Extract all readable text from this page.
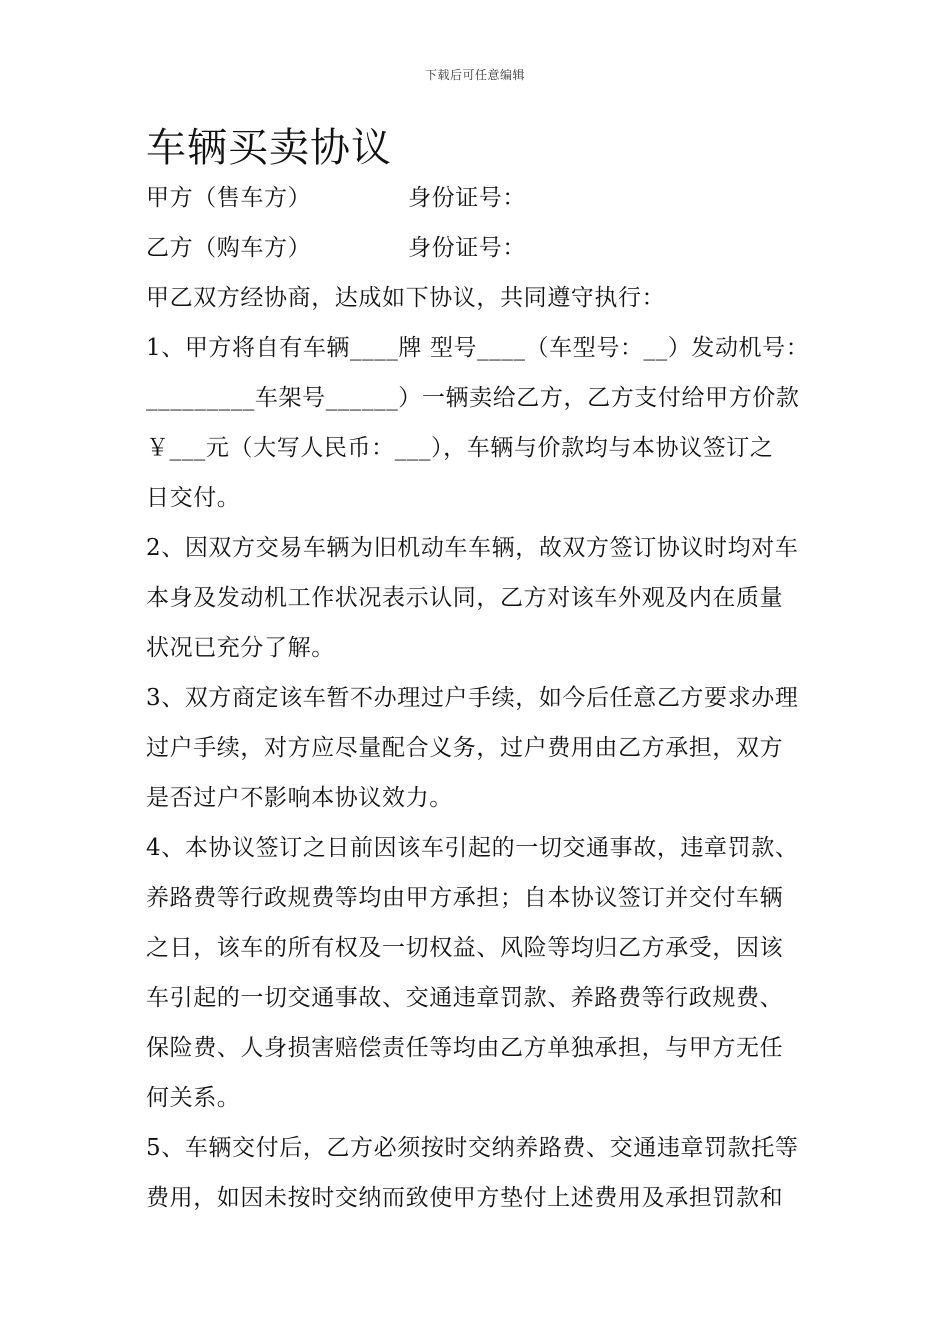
下载后可任意编辑
车辆买卖协议
甲方（售车方）	身份证号：
乙方（购车方）	身份证号：

甲乙双方经协商，达成如下协议，共同遵守执行：

1、甲方将自有车辆____牌 型号____（车型号：__）发动机号：
_________车架号______）一辆卖给乙方，乙方支付给甲方价款
￥___元（大写人民币：___），车辆与价款均与本协议签订之
日交付。

2、因双方交易车辆为旧机动车车辆，故双方签订协议时均对车
本身及发动机工作状况表示认同，乙方对该车外观及内在质量
状况已充分了解。

3、双方商定该车暂不办理过户手续，如今后任意乙方要求办理
过户手续，对方应尽量配合义务，过户费用由乙方承担，双方
是否过户不影响本协议效力。

4、本协议签订之日前因该车引起的一切交通事故，违章罚款、
养路费等行政规费等均由甲方承担；自本协议签订并交付车辆
之日，该车的所有权及一切权益、风险等均归乙方承受，因该
车引起的一切交通事故、交通违章罚款、养路费等行政规费、
保险费、人身损害赔偿责任等均由乙方单独承担，与甲方无任
何关系。

5、车辆交付后，乙方必须按时交纳养路费、交通违章罚款托等
费用，如因未按时交纳而致使甲方垫付上述费用及承担罚款和
